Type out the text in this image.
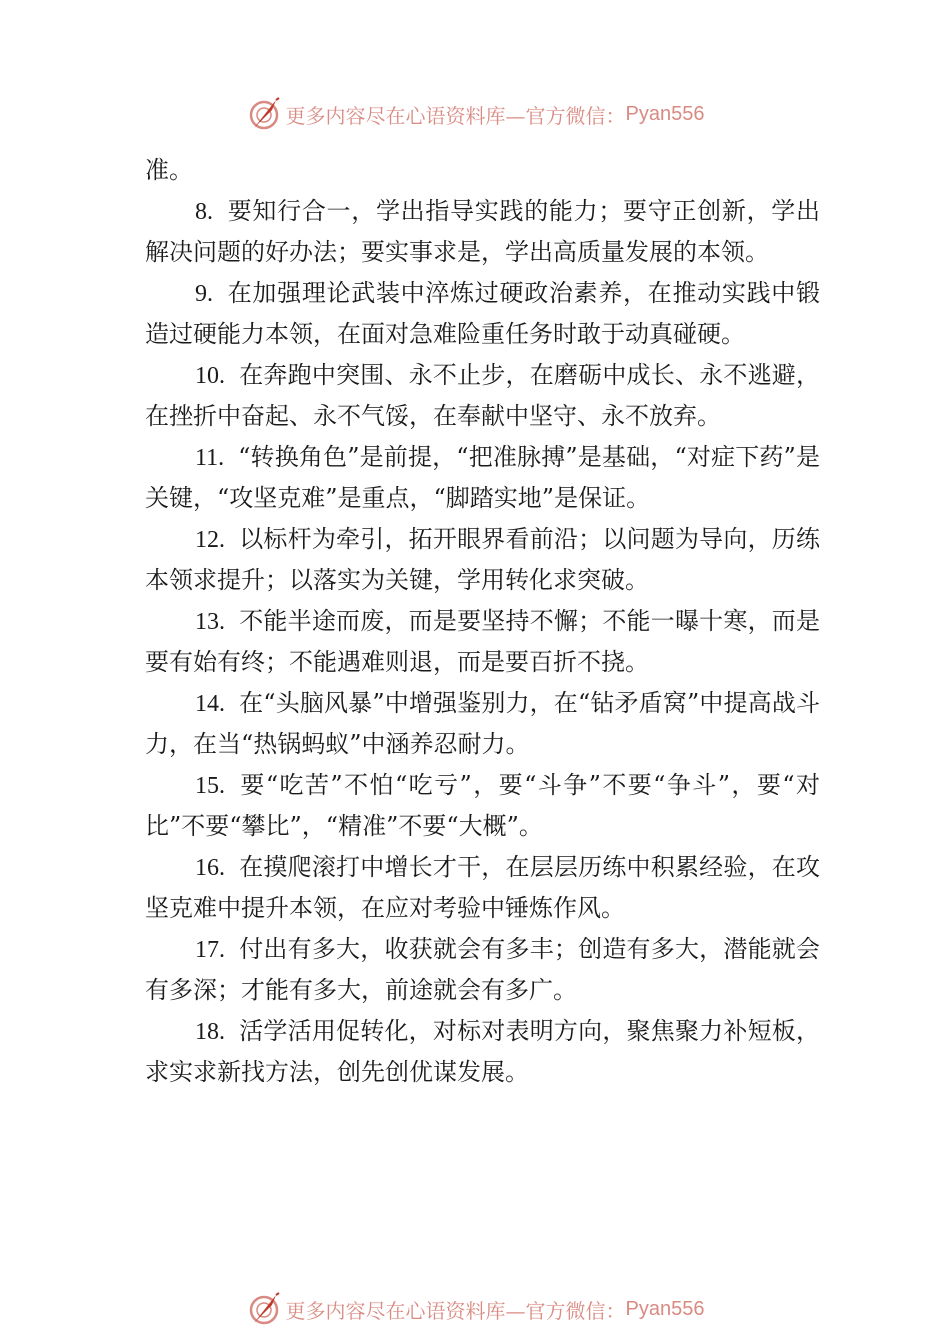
更多内容尽在心语资料库—官方微信： Pyan556

准。

8. 要知行合一，学出指导实践的能力；要守正创新，学出解决问题的好办法；要实事求是，学出高质量发展的本领。

9. 在加强理论武装中淬炼过硬政治素养，在推动实践中锻造过硬能力本领，在面对急难险重任务时敢于动真碰硬。

10. 在奔跑中突围、永不止步，在磨砺中成长、永不逃避，在挫折中奋起、永不气馁，在奉献中坚守、永不放弃。

11. “转换角色”是前提，“把准脉搏”是基础，“对症下药”是关键，“攻坚克难”是重点，“脚踏实地”是保证。

12. 以标杆为牵引，拓开眼界看前沿；以问题为导向，历练本领求提升；以落实为关键，学用转化求突破。

13. 不能半途而废，而是要坚持不懈；不能一曝十寒，而是要有始有终；不能遇难则退，而是要百折不挠。

14. 在“头脑风暴”中增强鉴别力，在“钻矛盾窝”中提高战斗力，在当“热锅蚂蚁”中涵养忍耐力。

15. 要“吃苦”不怕“吃亏”，要“斗争”不要“争斗”，要“对比”不要“攀比”，“精准”不要“大概”。

16. 在摸爬滚打中增长才干，在层层历练中积累经验，在攻坚克难中提升本领，在应对考验中锤炼作风。

17. 付出有多大，收获就会有多丰；创造有多大，潜能就会有多深；才能有多大，前途就会有多广。

18. 活学活用促转化，对标对表明方向，聚焦聚力补短板，求实求新找方法，创先创优谋发展。

更多内容尽在心语资料库—官方微信： Pyan556
